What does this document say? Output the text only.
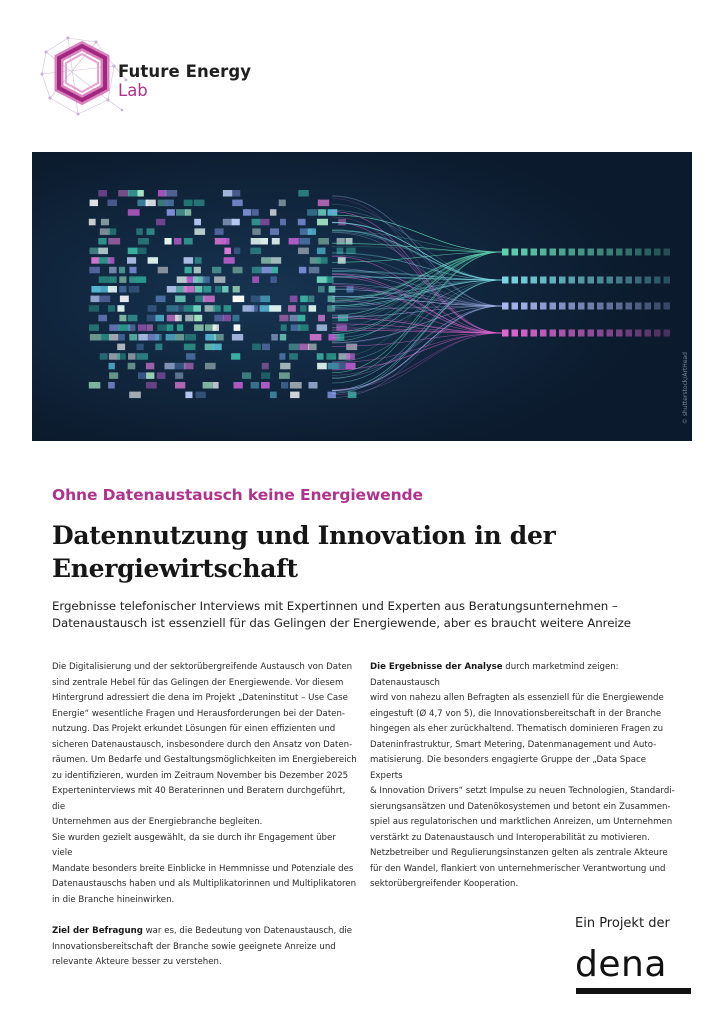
Future Energy
Lab
© shutterstock/ArtHead
Ohne Datenaustausch keine Energiewende
Datennutzung und Innovation in der
Energiewirtschaft
Ergebnisse telefonischer Interviews mit Expertinnen und Experten aus Beratungsunternehmen –
Datenaustausch ist essenziell für das Gelingen der Energiewende, aber es braucht weitere Anreize
Die Digitalisierung und der sektorübergreifende Austausch von Daten
sind zentrale Hebel für das Gelingen der Energiewende. Vor diesem
Hintergrund adressiert die dena im Projekt „Dateninstitut – Use Case
Energie“ wesentliche Fragen und Herausforderungen bei der Daten-
nutzung. Das Projekt erkundet Lösungen für einen effizienten und
sicheren Datenaustausch, insbesondere durch den Ansatz von Daten-
räumen. Um Bedarfe und Gestaltungsmöglichkeiten im Energiebereich
zu identifizieren, wurden im Zeitraum November bis Dezember 2025
Experteninterviews mit 40 Beraterinnen und Beratern durchgeführt, die
Unternehmen aus der Energiebranche begleiten.
Sie wurden gezielt ausgewählt, da sie durch ihr Engagement über viele
Mandate besonders breite Einblicke in Hemmnisse und Potenziale des
Datenaustauschs haben und als Multiplikatorinnen und Multiplikatoren
in die Branche hineinwirken.
Ziel der Befragung war es, die Bedeutung von Datenaustausch, die
Innovationsbereitschaft der Branche sowie geeignete Anreize und
relevante Akteure besser zu verstehen.
Die Ergebnisse der Analyse durch marketmind zeigen: Datenaustausch
wird von nahezu allen Befragten als essenziell für die Energiewende
eingestuft (Ø 4,7 von 5), die Innovationsbereitschaft in der Branche
hingegen als eher zurückhaltend. Thematisch dominieren Fragen zu
Dateninfrastruktur, Smart Metering, Datenmanagement und Auto-
matisierung. Die besonders engagierte Gruppe der „Data Space Experts
& Innovation Drivers“ setzt Impulse zu neuen Technologien, Standardi-
sierungsansätzen und Datenökosystemen und betont ein Zusammen-
spiel aus regulatorischen und marktlichen Anreizen, um Unternehmen
verstärkt zu Datenaustausch und Interoperabilität zu motivieren.
Netzbetreiber und Regulierungsinstanzen gelten als zentrale Akteure
für den Wandel, flankiert von unternehmerischer Verantwortung und
sektorübergreifender Kooperation.
Ein Projekt der
dena
